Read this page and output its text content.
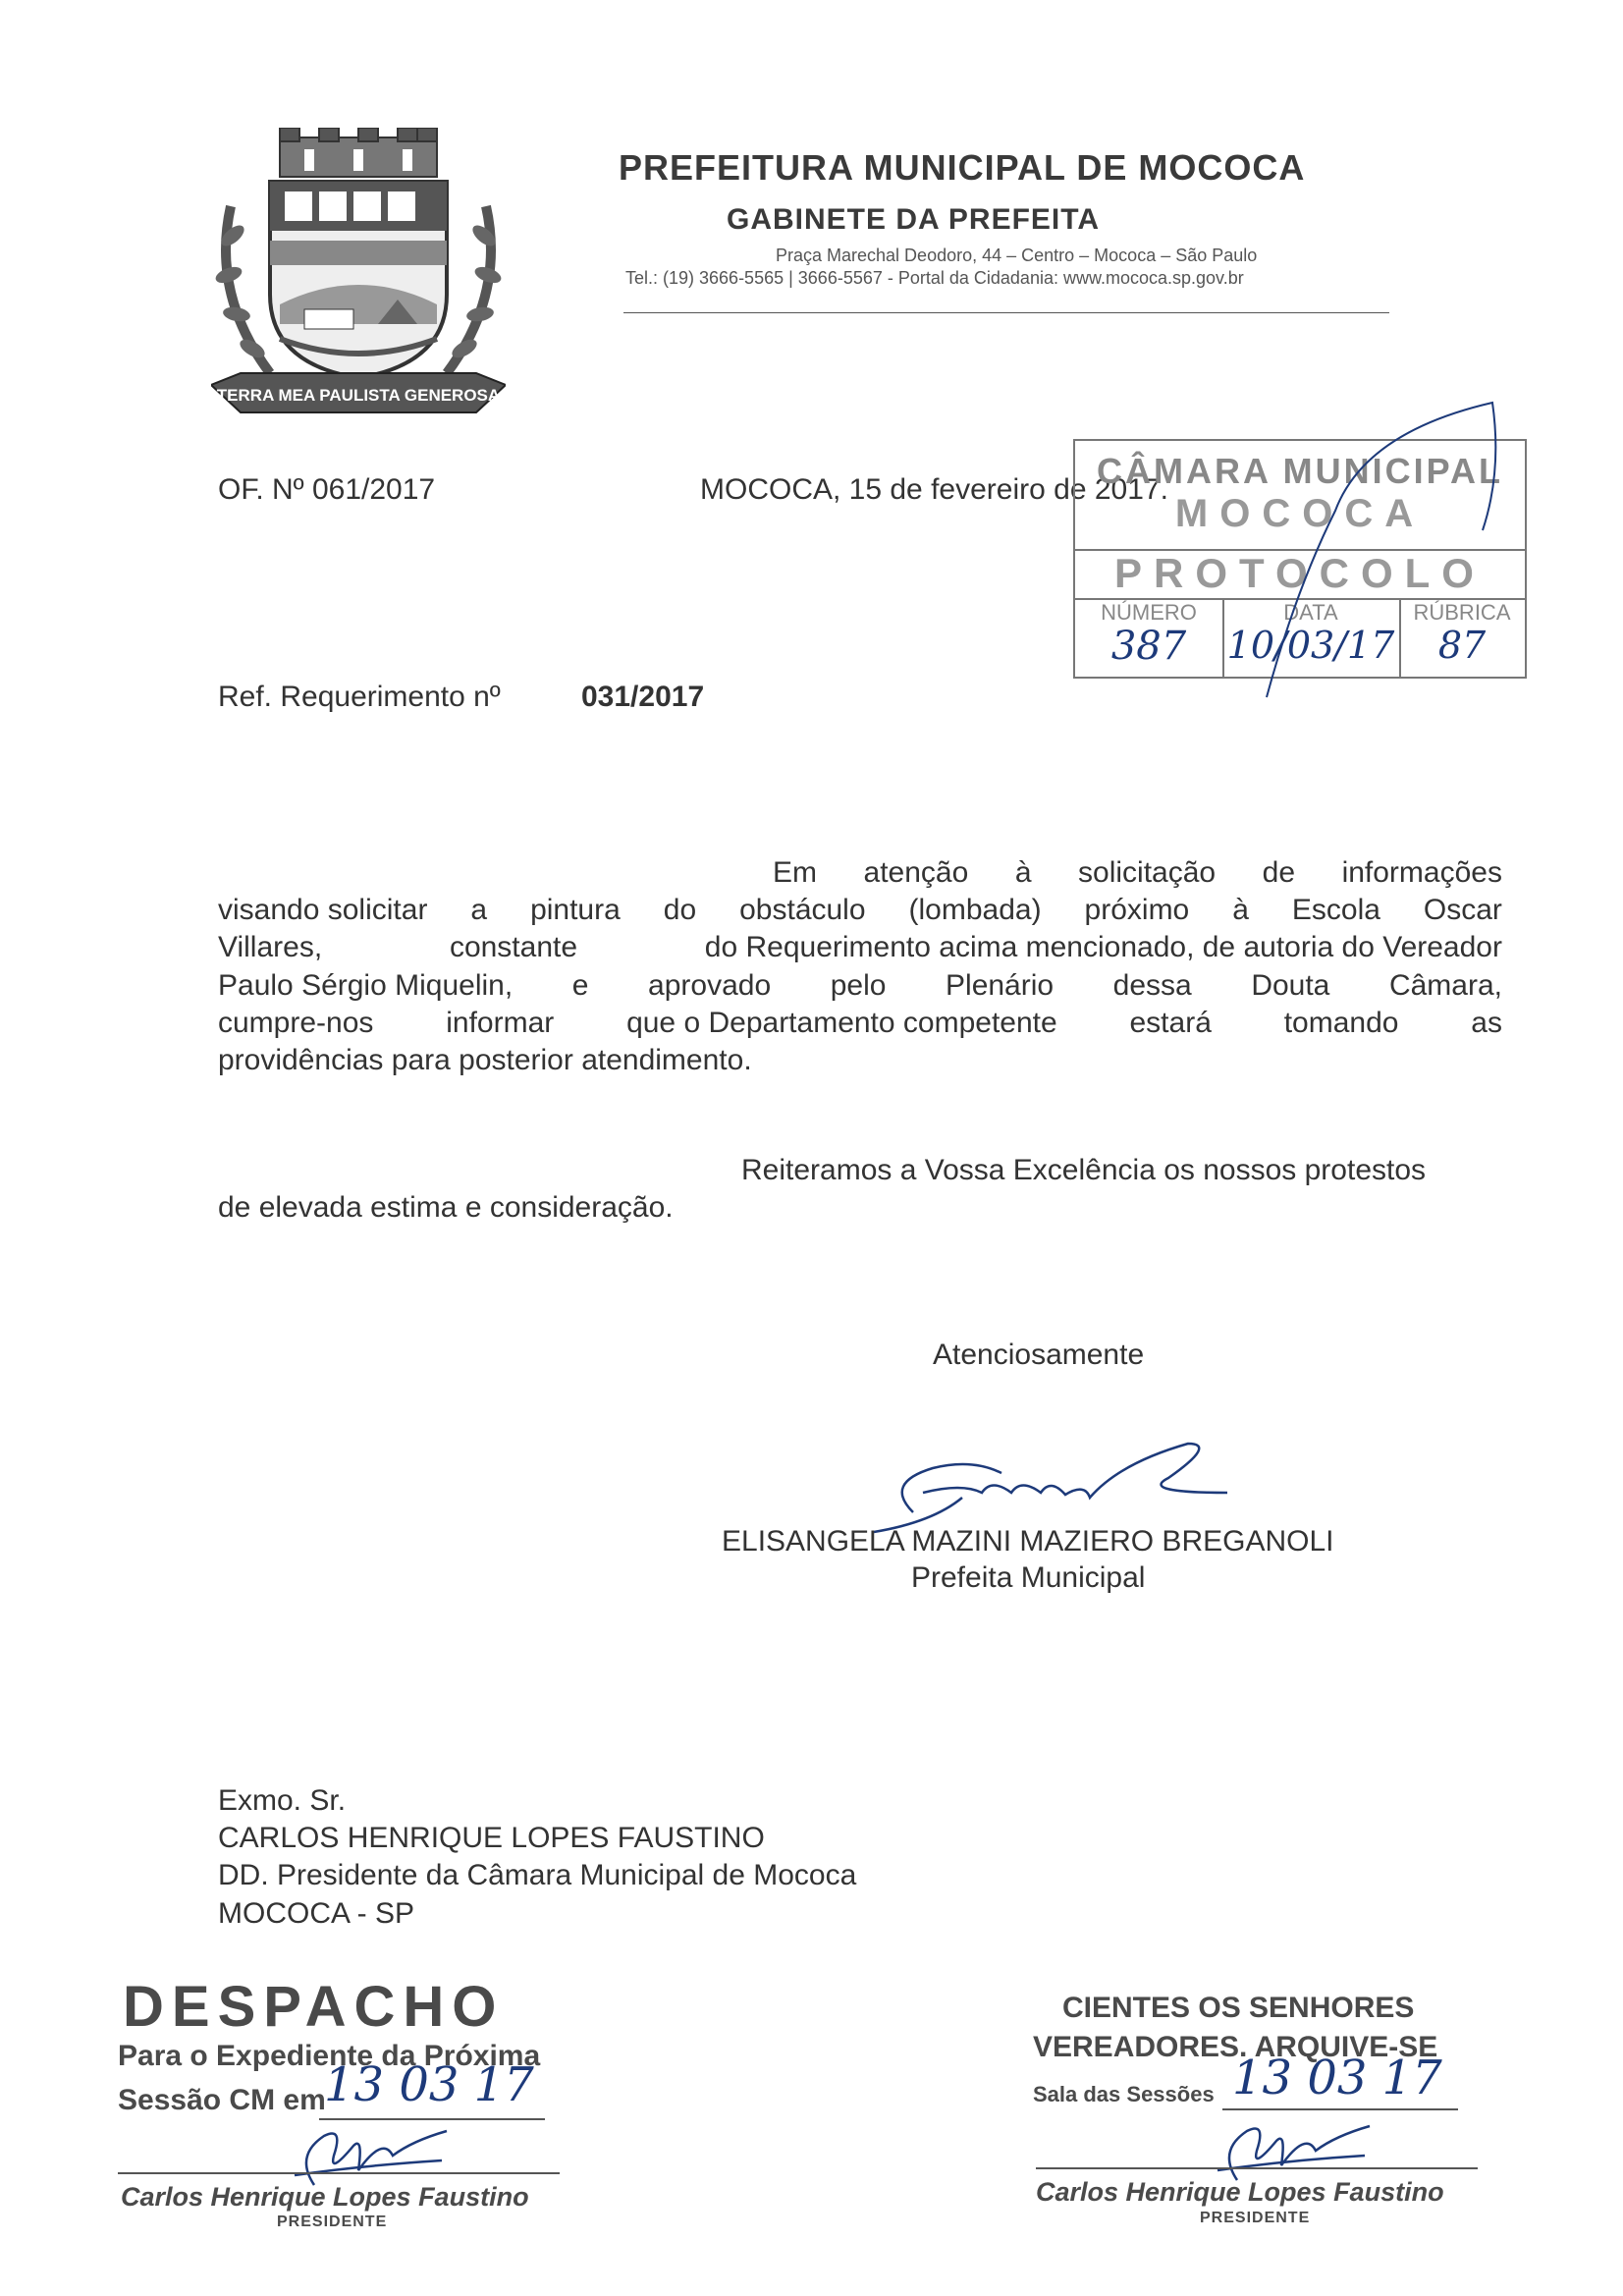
TERRA MEA PAULISTA GENEROSA
PREFEITURA MUNICIPAL DE MOCOCA
GABINETE DA PREFEITA
Praça Marechal Deodoro, 44 – Centro – Mococa – São Paulo
Tel.: (19) 3666-5565 | 3666-5567 - Portal da Cidadania: www.mococa.sp.gov.br
OF. Nº 061/2017	MOCOCA, 15 de fevereiro de 2017.
CÂMARA MUNICIPAL
MOCOCA
PROTOCOLO
NÚMERO
387
DATA
10/03/17
RÚBRICA
87
Ref. Requerimento nº	031/2017
Em atenção à solicitação de informações
visando solicitar a pintura do obstáculo (lombada) próximo à Escola Oscar
Villares,	constante	do Requerimento acima mencionado, de autoria do Vereador
Paulo Sérgio Miquelin, e aprovado pelo Plenário dessa Douta Câmara,
cumpre-nos informar que o Departamento competente estará tomando as
providências para posterior atendimento.
Reiteramos a Vossa Excelência os nossos protestos
de elevada estima e consideração.
Atenciosamente
ELISANGELA MAZINI MAZIERO BREGANOLI
Prefeita Municipal
Exmo. Sr.
CARLOS HENRIQUE LOPES FAUSTINO
DD. Presidente da Câmara Municipal de Mococa
MOCOCA - SP
DESPACHO
Para o Expediente da Próxima
Sessão CM em
13 03 17
Carlos Henrique Lopes Faustino
PRESIDENTE
CIENTES OS SENHORES
VEREADORES. ARQUIVE-SE
Sala das Sessões 13 03 17
Carlos Henrique Lopes Faustino
PRESIDENTE
